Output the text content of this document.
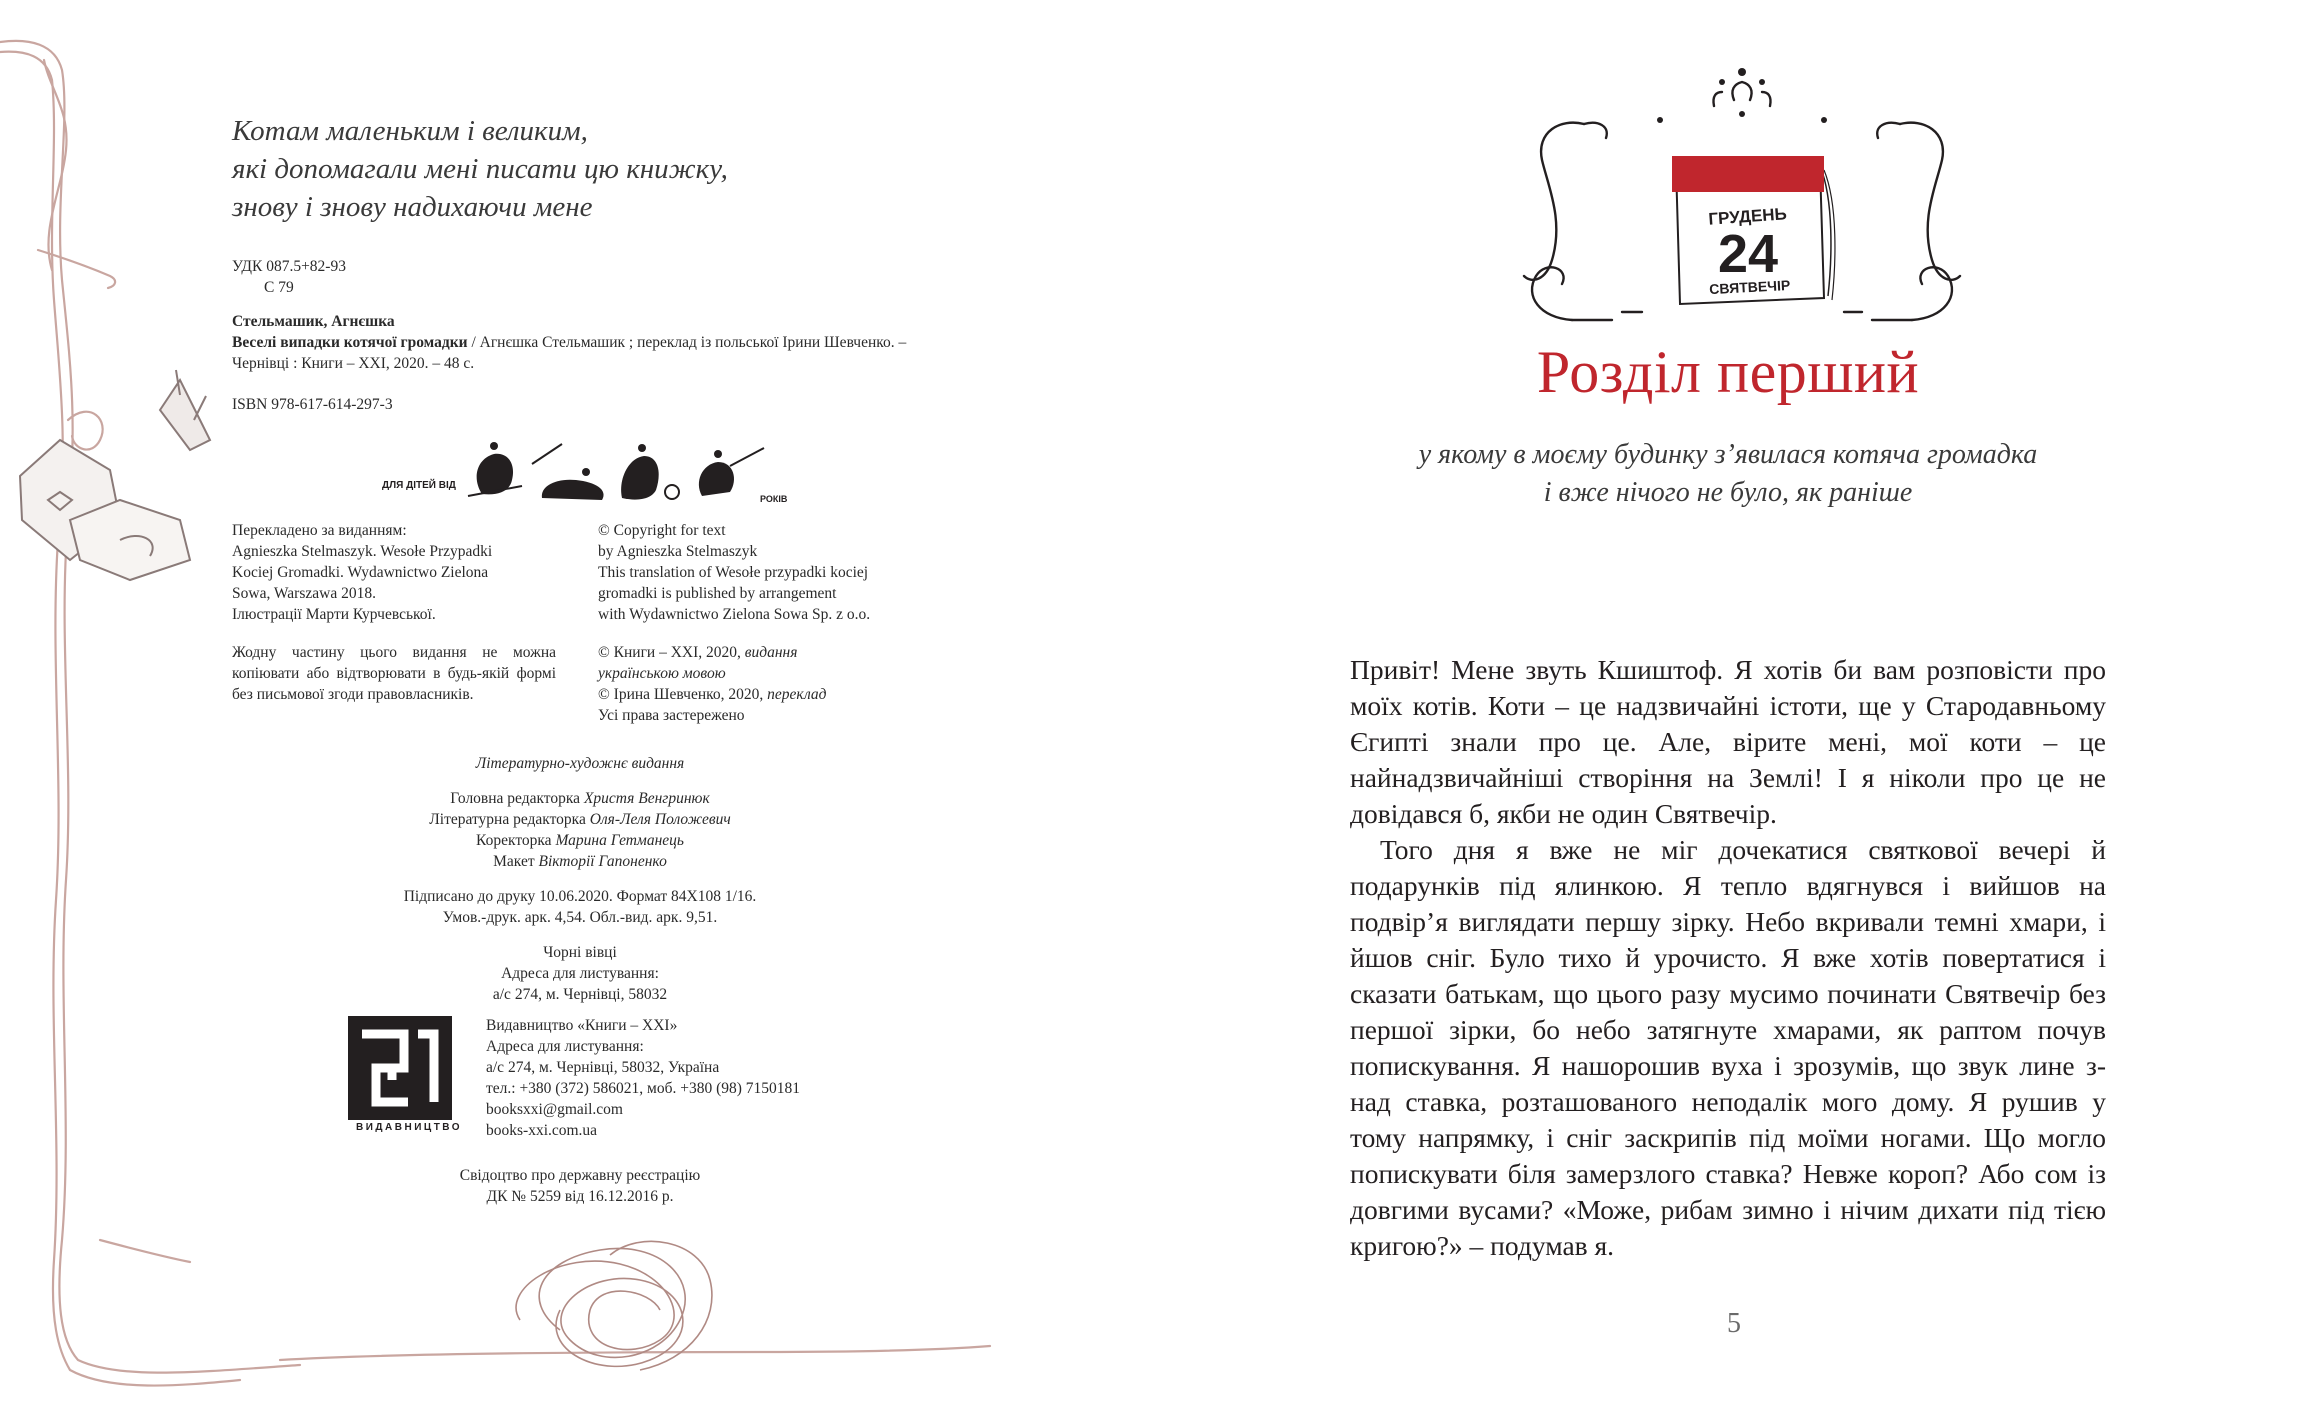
Котам маленьким і великим,
які допомагали мені писати цю книжку,
знову і знову надихаючи мене
УДК 087.5+82-93
С 79
Стельмашик, Агнєшка
Веселі випадки котячої громадки / Агнєшка Стельмашик ; переклад із польської Ірини Шевченко. – Чернівці : Книги – XXI, 2020. – 48 с.
ISBN 978-617-614-297-3
ДЛЯ ДІТЕЙ ВІД
РОКІВ
Перекладено за виданням:
Agnieszka Stelmaszyk. Wesołe Przypadki
Kociej Gromadki. Wydawnictwo Zielona
Sowa, Warszawa 2018.
Ілюстрації Марти Курчевської.
© Copyright for text
by Agnieszka Stelmaszyk
This translation of Wesołe przypadki kociej
gromadki is published by arrangement
with Wydawnictwo Zielona Sowa Sp. z o.o.
Жодну частину цього видання не можна копіювати або відтворювати в будь-якій формі без письмової згоди правовласників.
© Книги – XXI, 2020, видання
українською мовою
© Ірина Шевченко, 2020, переклад
Усі права застережено
Літературно-художнє видання
Головна редакторка Христя Венгринюк
Літературна редакторка Оля-Леля Положевич
Коректорка Марина Гетманець
Макет Вікторії Гапоненко
Підписано до друку 10.06.2020. Формат 84Х108 1/16.
Умов.-друк. арк. 4,54. Обл.-вид. арк. 9,51.
Чорні вівці
Адреса для листування:
а/с 274, м. Чернівці, 58032
ВИДАВНИЦТВО
Видавництво «Книги – XXI»
Адреса для листування:
а/с 274, м. Чернівці, 58032, Україна
тел.: +380 (372) 586021, моб. +380 (98) 7150181
booksxxi@gmail.com
books-xxi.com.ua
Свідоцтво про державну реєстрацію
ДК № 5259 від 16.12.2016 р.
ГРУДЕНЬ
24
СВЯТВЕЧІР
Розділ перший
у якому в моєму будинку з’явилася котяча громадка
і вже нічого не було, як раніше

Привіт! Мене звуть Кшиштоф. Я хотів би вам розповісти про моїх котів. Коти – це надзвичайні істоти, ще у Стародавньому Єгипті знали про це. Але, вірите мені, мої коти – це найнадзвичайніші створіння на Землі! І я ніколи про це не довідався б, якби не один Святвечір.

Того дня я вже не міг дочекатися святкової вечері й подарунків під ялинкою. Я тепло вдягнувся і вийшов на подвір’я виглядати першу зірку. Небо вкривали темні хмари, і йшов сніг. Було тихо й урочисто. Я вже хотів повертатися і сказати батькам, що цього разу мусимо починати Святвечір без першої зірки, бо небо затягнуте хмарами, як раптом почув попискування. Я нашорошив вуха і зрозумів, що звук лине з-над ставка, розташованого неподалік мого дому. Я рушив у тому напрямку, і сніг заскрипів під моїми ногами. Що могло попискувати біля замерзлого ставка? Невже короп? Або сом із довгими вусами? «Може, рибам зимно і нічим дихати під тією кригою?» – подумав я.

5
